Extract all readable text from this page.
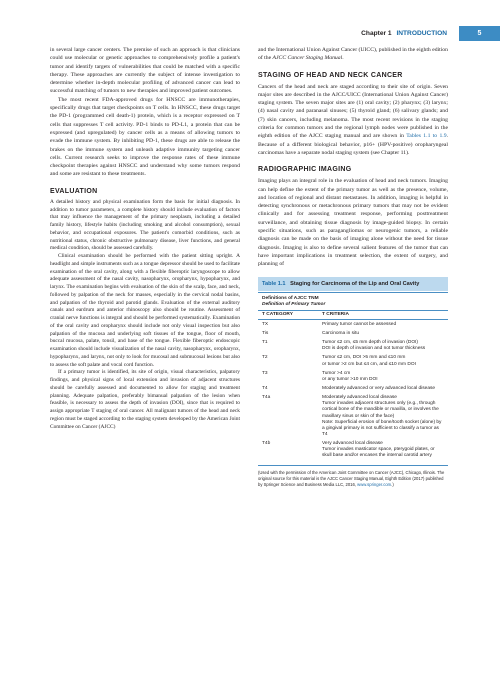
Chapter 1 INTRODUCTION	5

in several large cancer centers. The premise of such an approach is that clinicians could use molecular or genetic approaches to comprehensively profile a patient's tumor and identify targets of vulnerabilities that could be matched with a specific therapy. These approaches are currently the subject of intense investigation to determine whether in-depth molecular profiling of advanced cancer can lead to successful matching of tumors to new therapies and improved patient outcomes.

The most recent FDA-approved drugs for HNSCC are immunotherapies, specifically drugs that target checkpoints on T cells. In HNSCC, these drugs target the PD-1 (programmed cell death-1) protein, which is a receptor expressed on T cells that suppresses T cell activity. PD-1 binds to PD-L1, a protein that can be expressed (and upregulated) by cancer cells as a means of allowing tumors to evade the immune system. By inhibiting PD-1, these drugs are able to release the brakes on the immune system and unleash adaptive immunity targeting cancer cells. Current research seeks to improve the response rates of these immune checkpoint therapies against HNSCC and understand why some tumors respond and some are resistant to these treatments.

EVALUATION

A detailed history and physical examination form the basis for initial diagnosis. In addition to tumor parameters, a complete history should include evaluation of factors that may influence the management of the primary neoplasm, including a detailed family history, lifestyle habits (including smoking and alcohol consumption), sexual behavior, and occupational exposures. The patient's comorbid conditions, such as nutritional status, chronic obstructive pulmonary disease, liver functions, and general medical condition, should be assessed carefully.

Clinical examination should be performed with the patient sitting upright. A headlight and simple instruments such as a tongue depressor should be used to facilitate examination of the oral cavity, along with a flexible fiberoptic laryngoscope to allow adequate assessment of the nasal cavity, nasopharynx, oropharynx, hypopharynx, and larynx. The examination begins with evaluation of the skin of the scalp, face, and neck, followed by palpation of the neck for masses, especially in the cervical nodal basins, and palpation of the thyroid and parotid glands. Evaluation of the external auditory canals and eardrum and anterior rhinoscopy also should be routine. Assessment of cranial nerve functions is integral and should be performed systematically. Examination of the oral cavity and oropharynx should include not only visual inspection but also palpation of the mucosa and underlying soft tissues of the tongue, floor of mouth, buccal mucosa, palate, tonsil, and base of the tongue. Flexible fiberoptic endoscopic examination should include visualization of the nasal cavity, nasopharynx, oropharynx, hypopharynx, and larynx, not only to look for mucosal and submucosal lesions but also to assess the soft palate and vocal cord function.

If a primary tumor is identified, its site of origin, visual characteristics, palpatory findings, and physical signs of local extension and invasion of adjacent structures should be carefully assessed and documented to allow for staging and treatment planning. Adequate palpation, preferably bimanual palpation of the lesion when feasible, is necessary to assess the depth of invasion (DOI), since that is required to assign appropriate T staging of oral cancer. All malignant tumors of the head and neck region must be staged according to the staging system developed by the American Joint Committee on Cancer (AJCC)

and the International Union Against Cancer (UICC), published in the eighth edition of the AJCC Cancer Staging Manual.

STAGING OF HEAD AND NECK CANCER

Cancers of the head and neck are staged according to their site of origin. Seven major sites are described in the AJCC/UICC (International Union Against Cancer) staging system. The seven major sites are (1) oral cavity; (2) pharynx; (3) larynx; (4) nasal cavity and paranasal sinuses; (5) thyroid gland; (6) salivary glands; and (7) skin cancers, including melanoma. The most recent revisions in the staging criteria for common tumors and the regional lymph nodes were published in the eighth edition of the AJCC staging manual and are shown in Tables 1.1 to 1.9. Because of a different biological behavior, p16+ (HPV-positive) oropharyngeal carcinomas have a separate nodal staging system (see Chapter 11).

RADIOGRAPHIC IMAGING

Imaging plays an integral role in the evaluation of head and neck tumors. Imaging can help define the extent of the primary tumor as well as the presence, volume, and location of regional and distant metastases. In addition, imaging is helpful in detecting synchronous or metachronous primary tumors that may not be evident clinically and for assessing treatment response, performing posttreatment surveillance, and obtaining tissue diagnosis by image-guided biopsy. In certain specific situations, such as paragangliomas or neurogenic tumors, a reliable diagnosis can be made on the basis of imaging alone without the need for tissue diagnosis. Imaging is also to define several salient features of the tumor that can have important implications in treatment selection, the extent of surgery, and planning of

Table 1.1 Staging for Carcinoma of the Lip and Oral Cavity
Definitions of AJCC TNM
Definition of Primary Tumor
T CATEGORY	T CRITERIA
TX	Primary tumor cannot be assessed
Tis	Carcinoma in situ
T1	Tumor ≤2 cm, ≤5 mm depth of invasion (DOI)
DOI is depth of invasion and not tumor thickness
T2	Tumor ≤2 cm, DOI >5 mm and ≤10 mm
or tumor >2 cm but ≤4 cm, and ≤10 mm DOI
T3	Tumor >4 cm
or any tumor >10 mm DOI
T4	Moderately advanced or very advanced local disease
T4a	Moderately advanced local disease
Tumor invades adjacent structures only (e.g., through cortical bone of the mandible or maxilla, or involves the maxillary sinus or skin of the face)
Note: Superficial erosion of bone/tooth socket (alone) by a gingival primary is not sufficient to classify a tumor as T4
T4b	Very advanced local disease
Tumor invades masticator space, pterygoid plates, or skull base and/or encases the internal carotid artery
(Used with the permission of the American Joint Committee on Cancer (AJCC), Chicago, Illinois. The original source for this material is the AJCC Cancer Staging Manual, Eighth Edition (2017) published by Springer Science and Business Media LLC, 2016, www.springer.com.)
